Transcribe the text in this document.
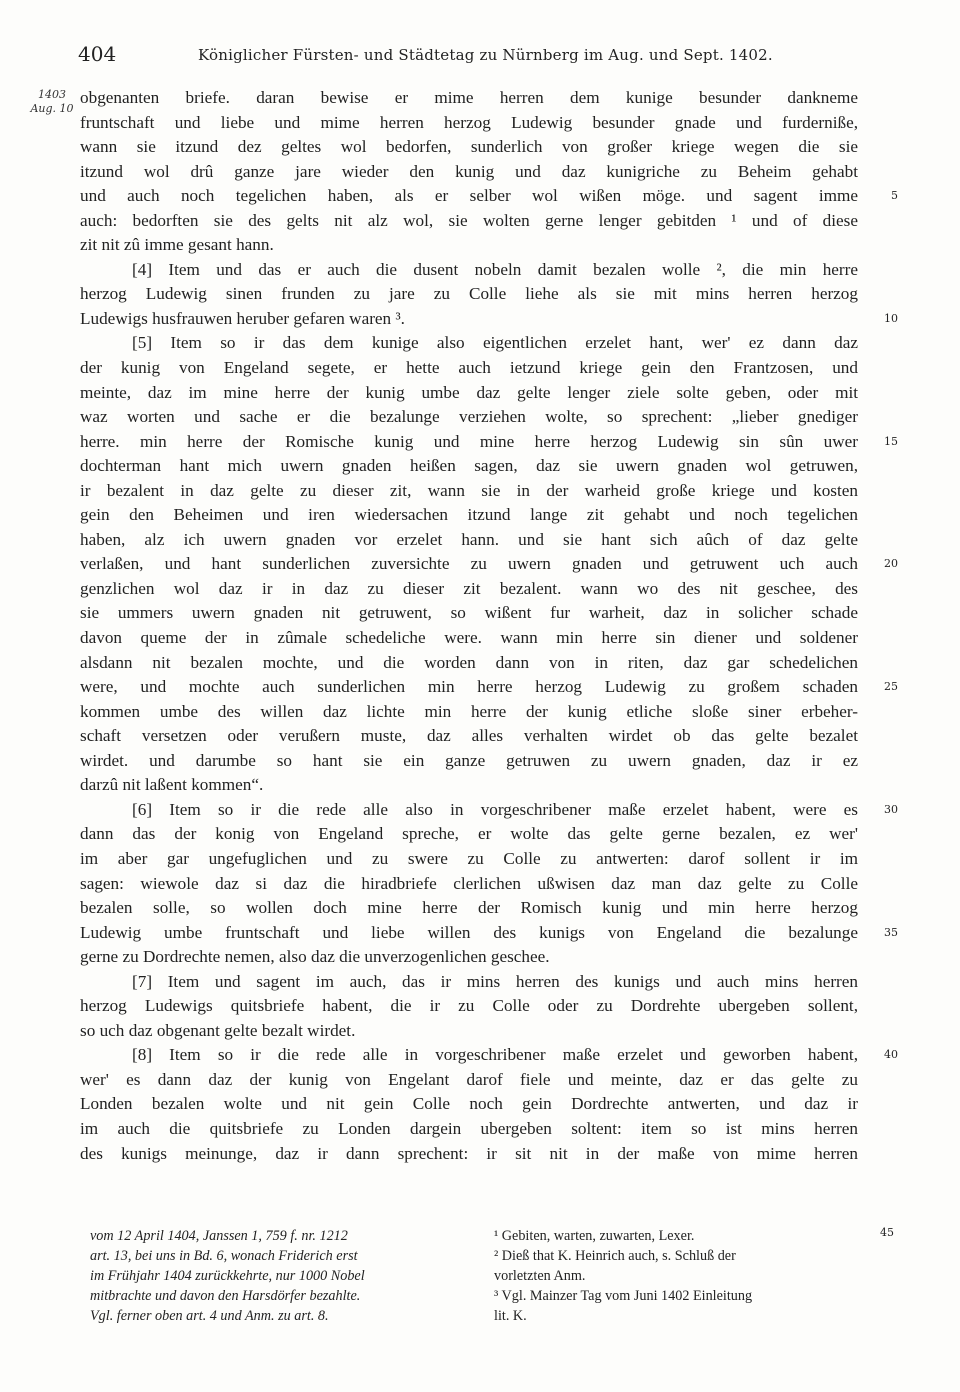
404	Königlicher Fürsten- und Städtetag zu Nürnberg im Aug. und Sept. 1402.
1403
Aug. 10
obgenanten briefe. daran bewise er mime herren dem kunige besunder dankneme
fruntschaft und liebe und mime herren herzog Ludewig besunder gnade und furderniße,
wann sie itzund dez geltes wol bedorfen, sunderlich von großer kriege wegen die sie
itzund wol drû ganze jare wieder den kunig und daz kunigriche zu Beheim gehabt
und auch noch tegelichen haben, als er selber wol wißen möge. und sagent imme
auch: bedorften sie des gelts nit alz wol, sie wolten gerne lenger gebitden ¹ und of diese
zit nit zû imme gesant hann.
[4] Item und das er auch die dusent nobeln damit bezalen wolle ², die min herre
herzog Ludewig sinen frunden zu jare zu Colle liehe als sie mit mins herren herzog
Ludewigs husfrauwen heruber gefaren waren ³.
[5] Item so ir das dem kunige also eigentlichen erzelet hant, wer' ez dann daz
der kunig von Engeland segete, er hette auch ietzund kriege gein den Frantzosen, und
meinte, daz im mine herre der kunig umbe daz gelte lenger ziele solte geben, oder mit
waz worten und sache er die bezalunge verziehen wolte, so sprechent: „lieber gnediger
herre. min herre der Romische kunig und mine herre herzog Ludewig sin sûn uwer
dochterman hant mich uwern gnaden heißen sagen, daz sie uwern gnaden wol getruwen,
ir bezalent in daz gelte zu dieser zit, wann sie in der warheid große kriege und kosten
gein den Beheimen und iren wiedersachen itzund lange zit gehabt und noch tegelichen
haben, alz ich uwern gnaden vor erzelet hann. und sie hant sich aûch of daz gelte
verlaßen, und hant sunderlichen zuversichte zu uwern gnaden und getruwent uch auch
genzlichen wol daz ir in daz zu dieser zit bezalent. wann wo des nit geschee, des
sie ummers uwern gnaden nit getruwent, so wißent fur warheit, daz in solicher schade
davon queme der in zûmale schedeliche were. wann min herre sin diener und soldener
alsdann nit bezalen mochte, und die worden dann von in riten, daz gar schedelichen
were, und mochte auch sunderlichen min herre herzog Ludewig zu großem schaden
kommen umbe des willen daz lichte min herre der kunig etliche sloße siner erbeher-
schaft versetzen oder verußern muste, daz alles verhalten wirdet ob das gelte bezalet
wirdet. und darumbe so hant sie ein ganze getruwen zu uwern gnaden, daz ir ez
darzû nit laßent kommen“.
[6] Item so ir die rede alle also in vorgeschribener maße erzelet habent, were es
dann das der konig von Engeland spreche, er wolte das gelte gerne bezalen, ez wer'
im aber gar ungefuglichen und zu swere zu Colle zu antwerten: darof sollent ir im
sagen: wiewole daz si daz die hiradbriefe clerlichen ußwisen daz man daz gelte zu Colle
bezalen solle, so wollen doch mine herre der Romisch kunig und min herre herzog
Ludewig umbe fruntschaft und liebe willen des kunigs von Engeland die bezalunge
gerne zu Dordrechte nemen, also daz die unverzogenlichen geschee.
[7] Item und sagent im auch, das ir mins herren des kunigs und auch mins herren
herzog Ludewigs quitsbriefe habent, die ir zu Colle oder zu Dordrehte ubergeben sollent,
so uch daz obgenant gelte bezalt wirdet.
[8] Item so ir die rede alle in vorgeschribener maße erzelet und geworben habent,
wer' es dann daz der kunig von Engelant darof fiele und meinte, daz er das gelte zu
Londen bezalen wolte und nit gein Colle noch gein Dordrechte antwerten, und daz ir
im auch die quitsbriefe zu Londen dargein ubergeben soltent: item so ist mins herren
des kunigs meinunge, daz ir dann sprechent: ir sit nit in der maße von mime herren
5
10
15
20
25
30
35
40
vom 12 April 1404, Janssen 1, 759 f. nr. 1212
art. 13, bei uns in Bd. 6, wonach Friderich erst
im Frühjahr 1404 zurückkehrte, nur 1000 Nobel
mitbrachte und davon den Harsdörfer bezahlte.
Vgl. ferner oben art. 4 und Anm. zu art. 8.
¹ Gebiten, warten, zuwarten, Lexer.
² Dieß that K. Heinrich auch, s. Schluß der
vorletzten Anm.
³ Vgl. Mainzer Tag vom Juni 1402 Einleitung
lit. K.
45
